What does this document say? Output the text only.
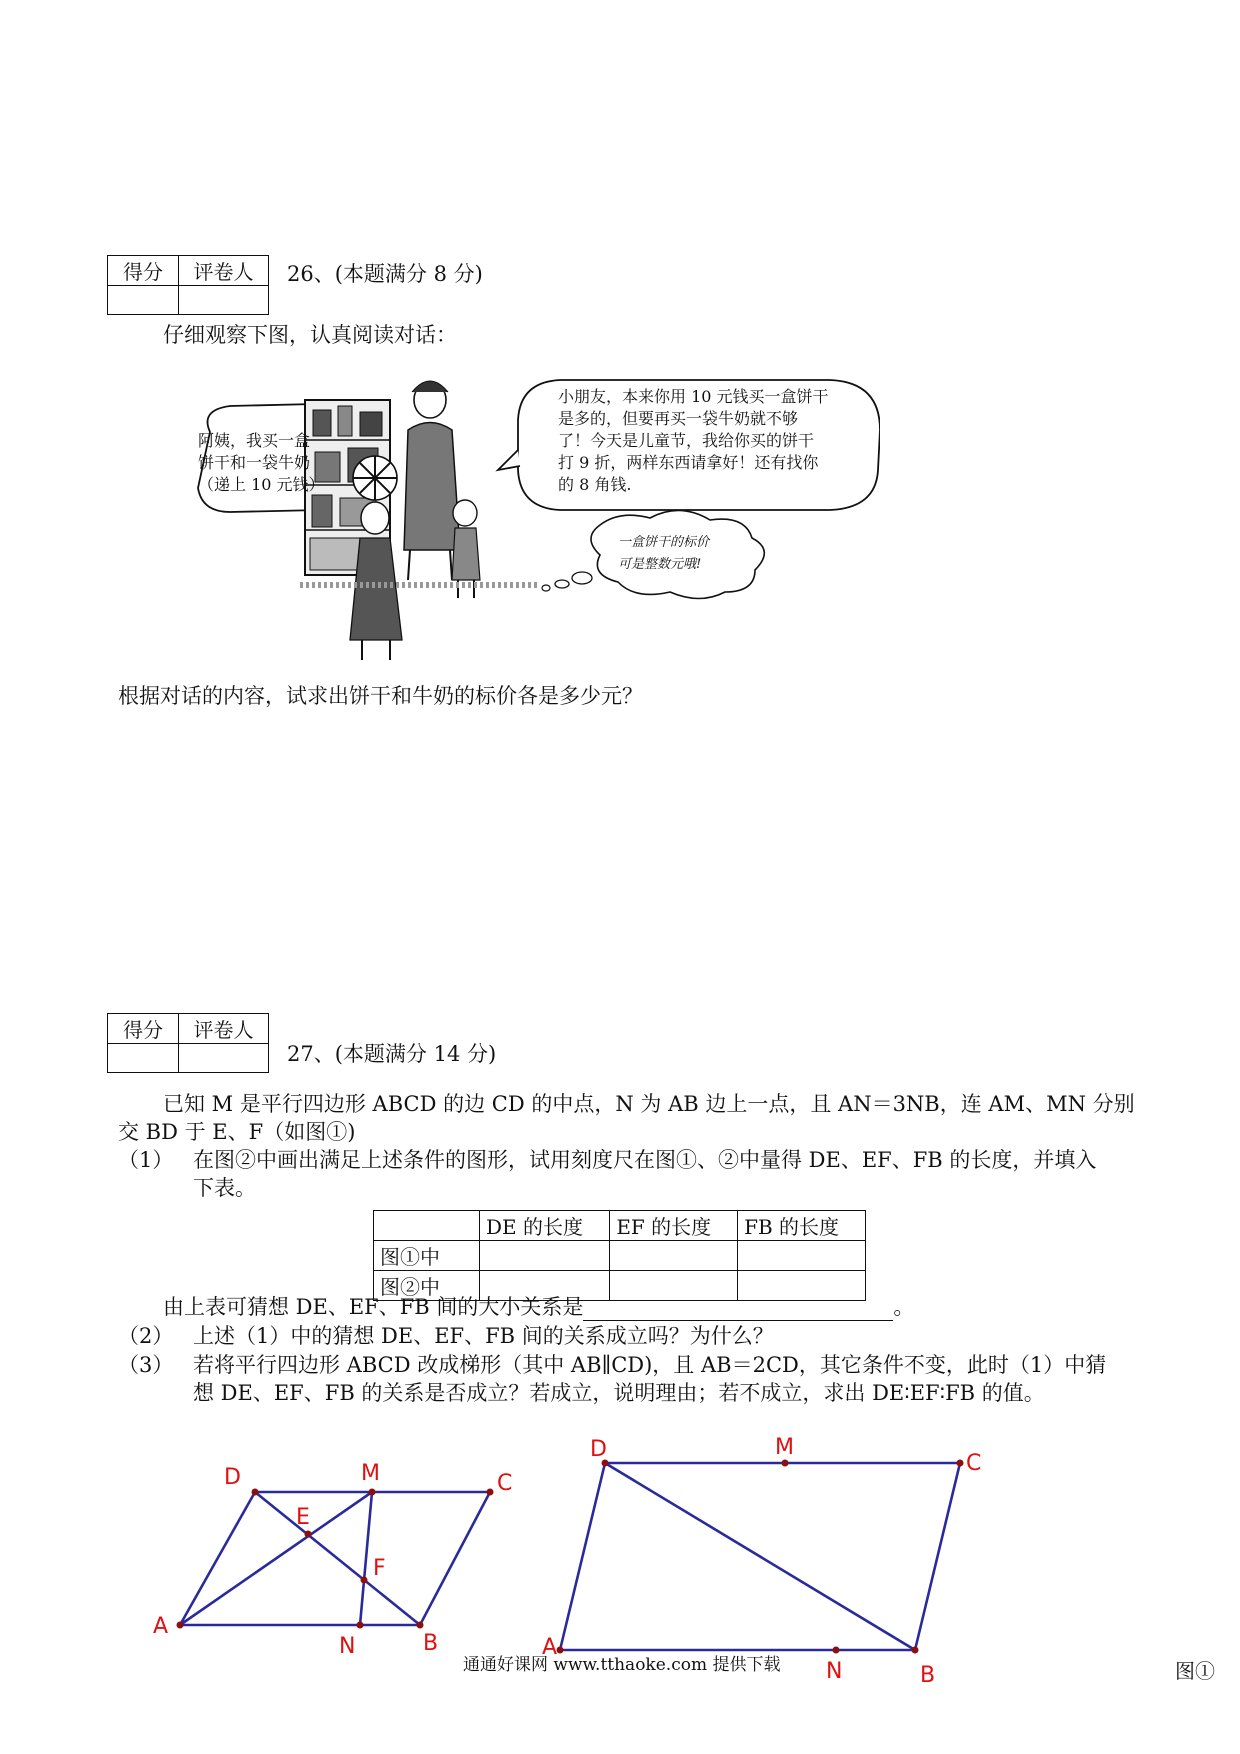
得分	评卷人
	26、(本题满分 8 分)
仔细观察下图，认真阅读对话：
阿姨，我买一盒
饼干和一袋牛奶
（递上 10 元钱）
小朋友，本来你用 10 元钱买一盒饼干
是多的，但要再买一袋牛奶就不够
了！今天是儿童节，我给你买的饼干
打 9 折，两样东西请拿好！还有找你
的 8 角钱.
一盒饼干的标价
可是整数元哦!
根据对话的内容，试求出饼干和牛奶的标价各是多少元？
得分	评卷人

27、(本题满分 14 分)
已知 M 是平行四边形 ABCD 的边 CD 的中点，N 为 AB 边上一点，且 AN＝3NB，连 AM、MN 分别
交 BD 于 E、F（如图①)
（1） 在图②中画出满足上述条件的图形，试用刻度尺在图①、②中量得 DE、EF、FB 的长度，并填入
下表。
	DE 的长度	EF 的长度	FB 的长度
图①中			
图②中			
由上表可猜想 DE、EF、FB 间的大小关系是	。
（2） 上述（1）中的猜想 DE、EF、FB 间的关系成立吗？为什么？
（3） 若将平行四边形 ABCD 改成梯形（其中 AB∥CD)，且 AB＝2CD，其它条件不变，此时（1）中猜
想 DE、EF、FB 的关系是否成立？若成立，说明理由；若不成立，求出 DE∶EF∶FB 的值。
A
B
C
D
E
F
M
N	A
B
C
D	M
N
通通好课网 www.tthaoke.com 提供下载	图①
